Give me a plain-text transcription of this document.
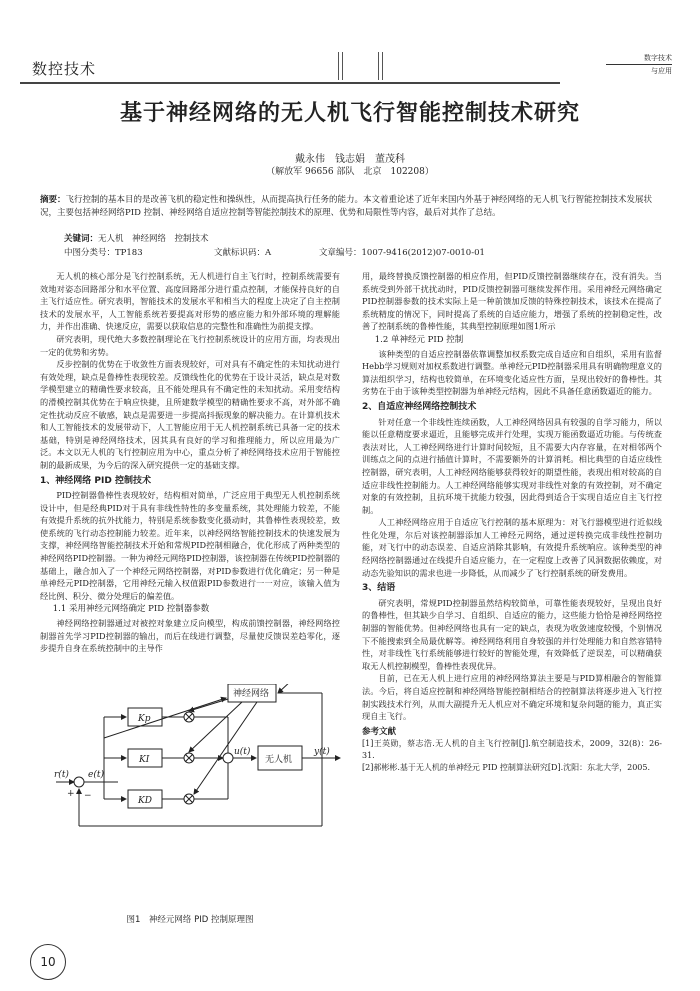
数控技术
数字技术
与应用
基于神经网络的无人机飞行智能控制技术研究
戴永伟　钱志娟　董茂科
（解放军 96656 部队　北京　102208）
摘要：飞行控制的基本目的是改善飞机的稳定性和操纵性，从而提高执行任务的能力。本文着重论述了近年来国内外基于神经网络的无人机飞行智能控制技术发展状况，主要包括神经网络PID 控制、神经网络自适应控制等智能控制技术的原理、优势和局限性等内容，最后对其作了总结。
关键词：无人机　神经网络　控制技术
中图分类号：TP183	文献标识码：A	文章编号：1007-9416(2012)07-0010-01

无人机的核心部分是飞行控制系统，无人机进行自主飞行时，控制系统需要有效地对姿态回路部分和水平位置、高度回路部分进行重点控制，才能保持良好的自主飞行适应性。研究表明，智能技术的发展水平和相当大的程度上决定了自主控制技术的发展水平，人工智能系统若要提高对形势的感应能力和外部环境的理解能力，并作出准确、快速反应，需要以获取信息的完整性和准确性为前提支撑。

研究表明，现代绝大多数控制理论在飞行控制系统设计的应用方面，均表现出一定的优势和劣势。

反步控制的优势在于收敛性方面表现较好，可对具有不确定性的未知扰动进行有效处理，缺点是鲁棒性表现较差。反馈线性化的优势在于设计灵活，缺点是对数学模型建立的精确性要求较高，且不能处理具有不确定性的未知扰动。采用变结构的滑模控制其优势在于响应快捷，且所建数学模型的精确性要求不高，对外部不确定性扰动反应不敏感，缺点是需要进一步提高抖振现象的解决能力。在计算机技术和人工智能技术的发展带动下，人工智能应用于无人机控制系统已具备一定的技术基础，特别是神经网络技术，因其具有良好的学习和推理能力，所以应用最为广泛。本文以无人机的飞行控制应用为中心，重点分析了神经网络技术应用于智能控制的最新成果，为今后的深入研究提供一定的基础支撑。

1、神经网络 PID 控制技术

PID控制器鲁棒性表现较好，结构相对简单，广泛应用于典型无人机控制系统设计中，但是经典PID对于具有非线性特性的多变量系统，其处理能力较差，不能有效提升系统的抗外扰能力，特别是系统参数变化摄动时，其鲁棒性表现较差，致使系统的飞行动态控制能力较差。近年来，以神经网络智能控制技术的快速发展为支撑，神经网络智能控制技术开始和常规PID控制相融合，优化形成了两种类型的神经网络PID控制器。一种为神经元网络PID控制器，该控制器在传统PID控制器的基础上，融合加入了一个神经元网络控制器，对PID参数进行优化确定；另一种是单神经元PID控制器，它用神经元输入权值跟PID参数进行一一对应，该输入值为经比例、积分、微分处理后的偏差值。

1.1 采用神经元网络确定 PID 控制器参数

神经网络控制器通过对被控对象建立反向模型，构成前馈控制器，神经网络控制器首先学习PID控制器的输出，而后在线进行调整，尽量使反馈误差趋零化，逐步提升自身在系统控制中的主导作

r(t) e(t)
u(t)	y(t)
Kp
KI
KD
+ −
神经网络
无人机
图1　神经元网络 PID 控制原理图

用，最终替换反馈控制器的相应作用，但PID反馈控制器继续存在，没有消失。当系统受到外部干扰扰动时，PID反馈控制器可继续发挥作用。采用神经元网络确定PID控制器参数的技术实际上是一种前馈加反馈的特殊控制技术，该技术在提高了系统精度的情况下，同时提高了系统的自适应能力，增强了系统的控制稳定性，改善了控制系统的鲁棒性能，其典型控制原理如图1所示

1.2 单神经元 PID 控制

该种类型的自适应控制器依靠调整加权系数完成自适应和自组织，采用有监督Hebb学习规则对加权系数进行调整。单神经元PID控制器采用具有明确物理意义的算法组织学习，结构也较简单，在环境变化适应性方面，呈现出较好的鲁棒性。其劣势在于由于该种类型控制器为单神经元结构，因此不具备任意函数逼近的能力。

2、自适应神经网络控制技术

针对任意一个非线性连续函数，人工神经网络因具有较强的自学习能力，所以能以任意精度要求逼近，且能够完成并行处理，实现万能函数逼近功能。与传统查表法对比，人工神经网络进行计算时间较短，且不需要大内存容量，在对相邻两个训练点之间的点进行插值计算时，不需要额外的计算消耗。相比典型的自适应线性控制器，研究表明，人工神经网络能够获得较好的期望性能，表现出相对较高的自适应非线性控制能力。人工神经网络能够实现对非线性对象的有效控制，对不确定对象的有效控制，且抗环境干扰能力较强，因此得到适合于实现自适应自主飞行控制。

人工神经网络应用于自适应飞行控制的基本原理为：对飞行器模型进行近似线性化处理，尔后对该控制器添加人工神经元网络，通过逆转换完成非线性控制功能，对飞行中的动态误差、自适应消除其影响，有效提升系统响应。该种类型的神经网络控制器通过在线提升自适应能力，在一定程度上改善了风洞数据依赖度，对动态先验知识的需求也进一步降低，从而减少了飞行控制系统的研发费用。

3、结语

研究表明，常规PID控制器虽然结构较简单，可靠性能表现较好，呈现出良好的鲁棒性，但其缺少自学习、自组织、自适应的能力，这些能力恰恰是神经网络控制器的智能优势。但神经网络也具有一定的缺点，表现为收敛速度较慢，个别情况下不能搜索到全局最优解等。神经网络利用自身较强的并行处理能力和自然容错特性，对非线性飞行系统能够进行较好的智能处理，有效降低了逆误差，可以精确获取无人机控制模型，鲁棒性表现优异。

目前，已在无人机上进行应用的神经网络算法主要是与PID算相融合的智能算法。今后，将自适应控制和神经网络智能控制相结合的控制算法将逐步进入飞行控制实践技术行列，从而大副提升无人机应对不确定环境和复杂问题的能力，真正实现自主飞行。

参考文献
[1]王英勋，蔡志浩.无人机的自主飞行控制[J].航空制造技术，2009，32(8)：26-31.
[2]郝彬彬.基于无人机的单神经元 PID 控制算法研究[D].沈阳：东北大学，2005.
10
